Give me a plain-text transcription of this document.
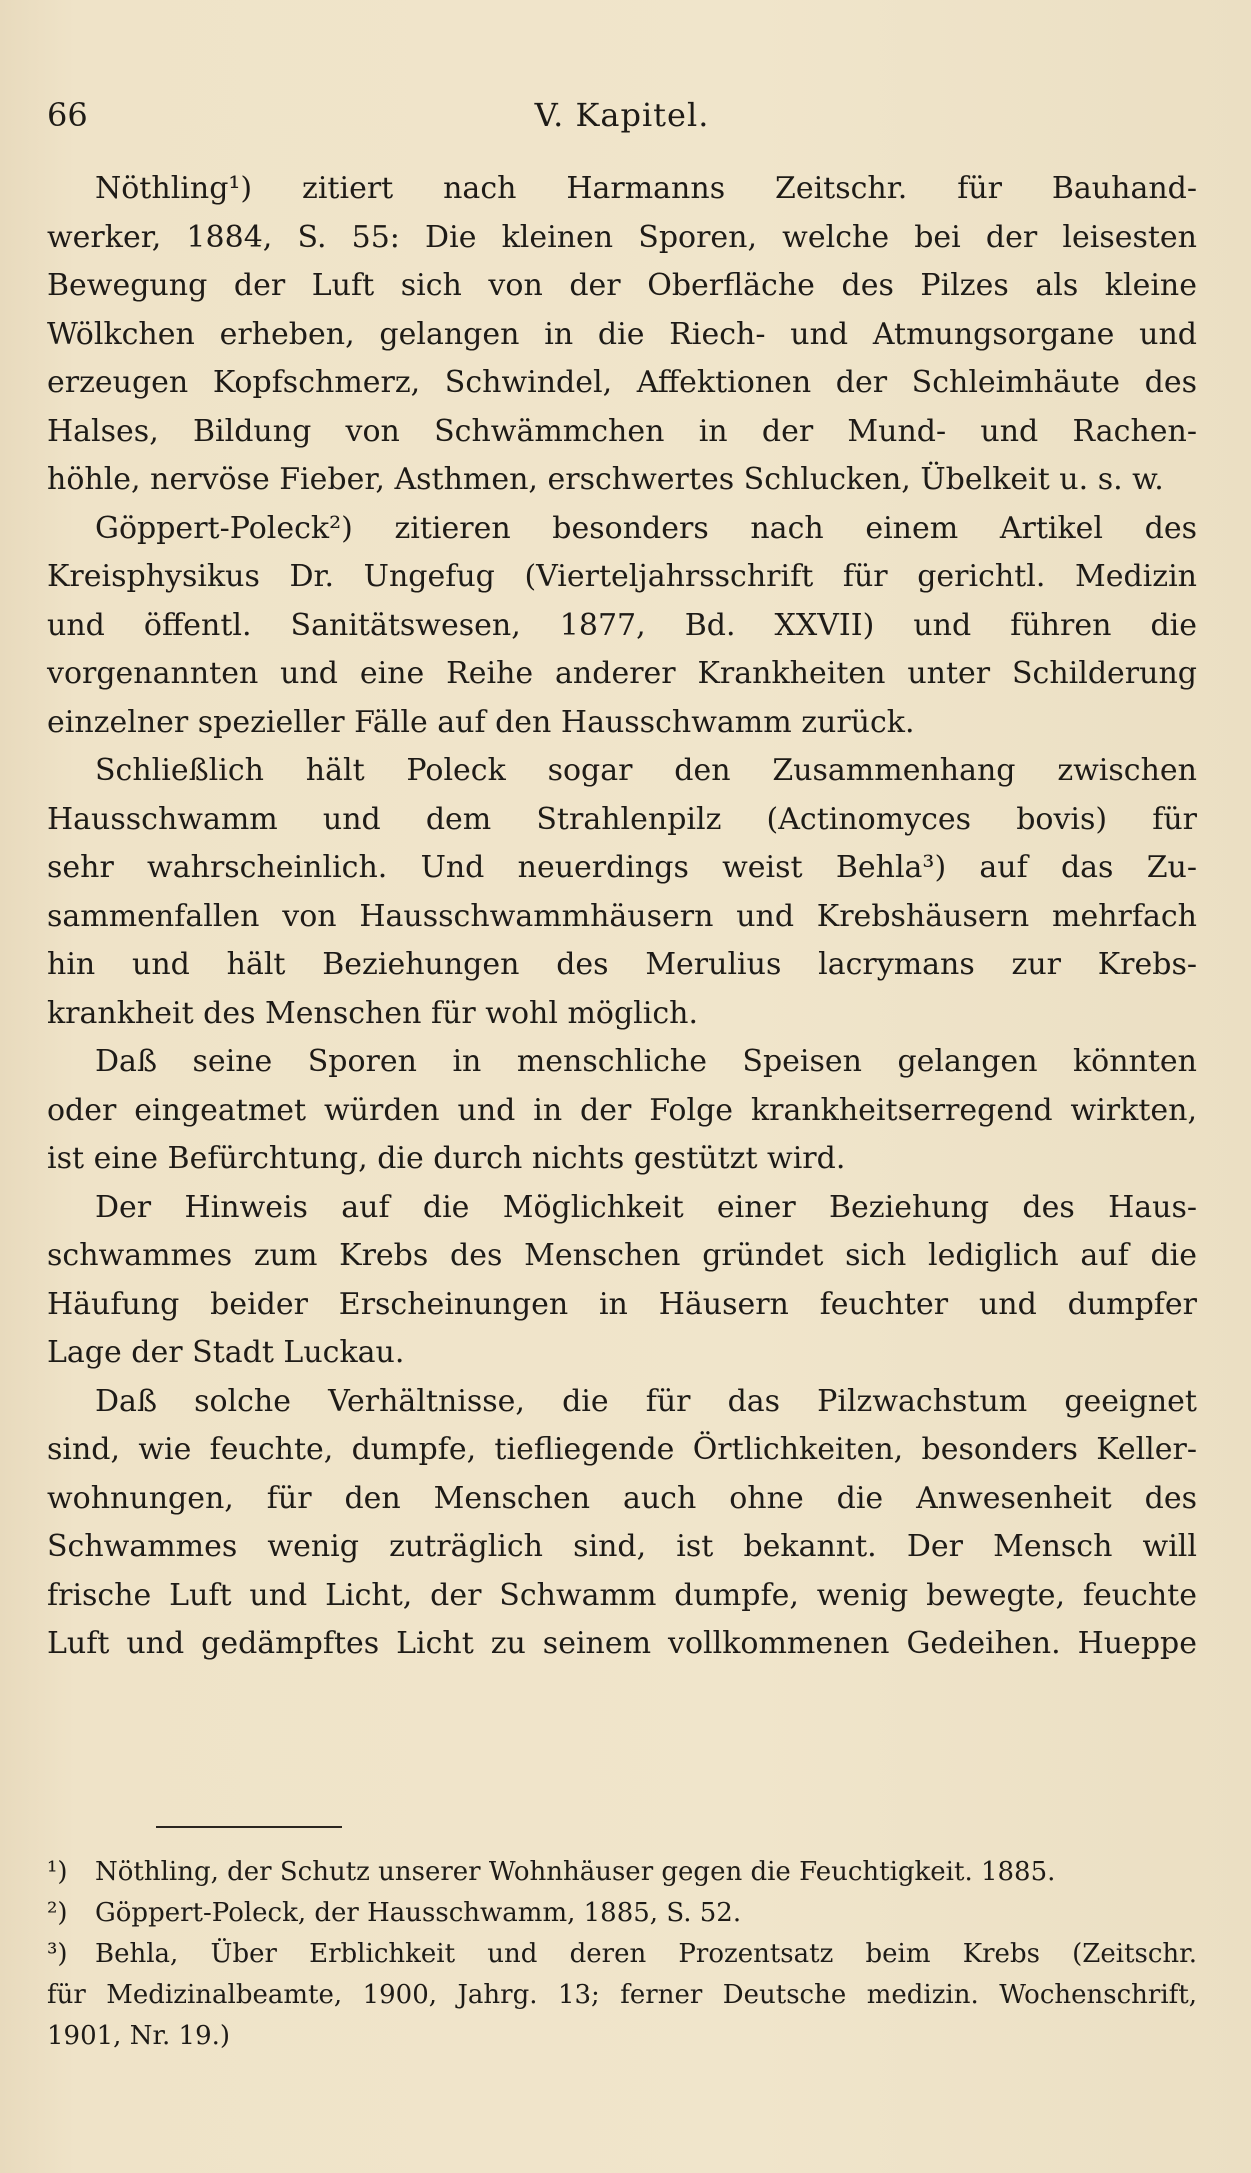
66	V. Kapitel.

Nöthling¹) zitiert nach Harmanns Zeitschr. für Bauhand-

werker, 1884, S. 55: Die kleinen Sporen, welche bei der leisesten

Bewegung der Luft sich von der Oberfläche des Pilzes als kleine

Wölkchen erheben, gelangen in die Riech- und Atmungsorgane und

erzeugen Kopfschmerz, Schwindel, Affektionen der Schleimhäute des

Halses, Bildung von Schwämmchen in der Mund- und Rachen-

höhle, nervöse Fieber, Asthmen, erschwertes Schlucken, Übelkeit u. s. w.

Göppert-Poleck²) zitieren besonders nach einem Artikel des

Kreisphysikus Dr. Ungefug (Vierteljahrsschrift für gerichtl. Medizin

und öffentl. Sanitätswesen, 1877, Bd. XXVII) und führen die

vorgenannten und eine Reihe anderer Krankheiten unter Schilderung

einzelner spezieller Fälle auf den Hausschwamm zurück.

Schließlich hält Poleck sogar den Zusammenhang zwischen

Hausschwamm und dem Strahlenpilz (Actinomyces bovis) für

sehr wahrscheinlich. Und neuerdings weist Behla³) auf das Zu-

sammenfallen von Hausschwammhäusern und Krebshäusern mehrfach

hin und hält Beziehungen des Merulius lacrymans zur Krebs-

krankheit des Menschen für wohl möglich.

Daß seine Sporen in menschliche Speisen gelangen könnten

oder eingeatmet würden und in der Folge krankheitserregend wirkten,

ist eine Befürchtung, die durch nichts gestützt wird.

Der Hinweis auf die Möglichkeit einer Beziehung des Haus-

schwammes zum Krebs des Menschen gründet sich lediglich auf die

Häufung beider Erscheinungen in Häusern feuchter und dumpfer

Lage der Stadt Luckau.

Daß solche Verhältnisse, die für das Pilzwachstum geeignet

sind, wie feuchte, dumpfe, tiefliegende Örtlichkeiten, besonders Keller-

wohnungen, für den Menschen auch ohne die Anwesenheit des

Schwammes wenig zuträglich sind, ist bekannt. Der Mensch will

frische Luft und Licht, der Schwamm dumpfe, wenig bewegte, feuchte

Luft und gedämpftes Licht zu seinem vollkommenen Gedeihen. Hueppe

¹) Nöthling, der Schutz unserer Wohnhäuser gegen die Feuchtigkeit. 1885.

²) Göppert-Poleck, der Hausschwamm, 1885, S. 52.

³) Behla, Über Erblichkeit und deren Prozentsatz beim Krebs (Zeitschr.

für Medizinalbeamte, 1900, Jahrg. 13; ferner Deutsche medizin. Wochenschrift,

1901, Nr. 19.)
